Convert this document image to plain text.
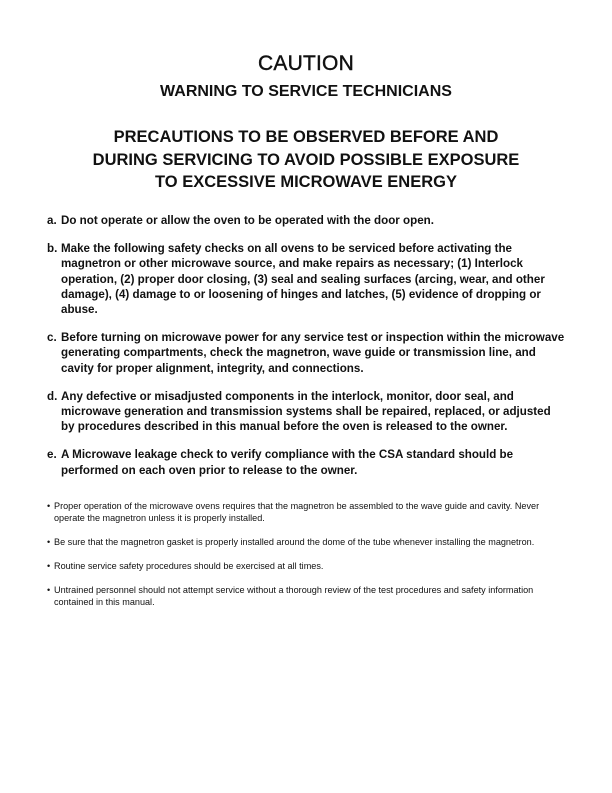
CAUTION
WARNING TO SERVICE TECHNICIANS
PRECAUTIONS TO BE OBSERVED BEFORE AND
DURING SERVICING TO AVOID POSSIBLE EXPOSURE
TO EXCESSIVE MICROWAVE ENERGY
a. Do not operate or allow the oven to be operated with the door open.
b. Make the following safety checks on all ovens to be serviced before activating the magnetron or other microwave source, and make repairs as necessary; (1) Interlock operation, (2) proper door closing, (3) seal and sealing surfaces (arcing, wear, and other damage), (4) damage to or loosening of hinges and latches, (5) evidence of dropping or abuse.
c. Before turning on microwave power for any service test or inspection within the microwave generating compartments, check the magnetron, wave guide or transmission line, and cavity for proper alignment, integrity, and connections.
d. Any defective or misadjusted components in the interlock, monitor, door seal, and microwave generation and transmission systems shall be repaired, replaced, or adjusted by procedures described in this manual before the oven is released to the owner.
e. A Microwave leakage check to verify compliance with the CSA standard should be performed on each oven prior to release to the owner.
• Proper operation of the microwave ovens requires that the magnetron be assembled to the wave guide and cavity. Never operate the magnetron unless it is properly installed.
• Be sure that the magnetron gasket is properly installed around the dome of the tube whenever installing the magnetron.
• Routine service safety procedures should be exercised at all times.
• Untrained personnel should not attempt service without a thorough review of the test procedures and safety information contained in this manual.
